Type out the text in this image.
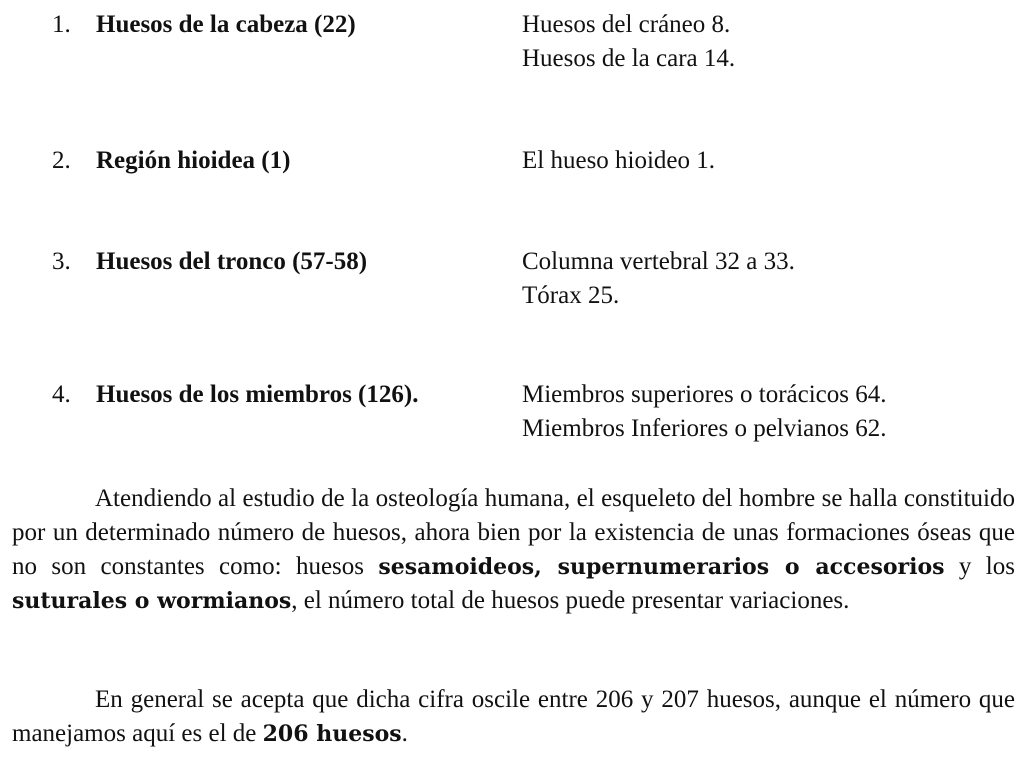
1. Huesos de la cabeza (22)	Huesos del cráneo 8.
Huesos de la cara 14.
2. Región hioidea (1)	El hueso hioideo 1.
3. Huesos del tronco (57-58)	Columna vertebral 32 a 33.
Tórax 25.
4. Huesos de los miembros (126).	Miembros superiores o torácicos 64.
Miembros Inferiores o pelvianos 62.

Atendiendo al estudio de la osteología humana, el esqueleto del hombre se halla constituido por un determinado número de huesos, ahora bien por la existencia de unas formaciones óseas que no son constantes como: huesos sesamoideos, supernumerarios o accesorios y los suturales o wormianos, el número total de huesos puede presentar variaciones.

En general se acepta que dicha cifra oscile entre 206 y 207 huesos, aunque el número que manejamos aquí es el de 206 huesos.
